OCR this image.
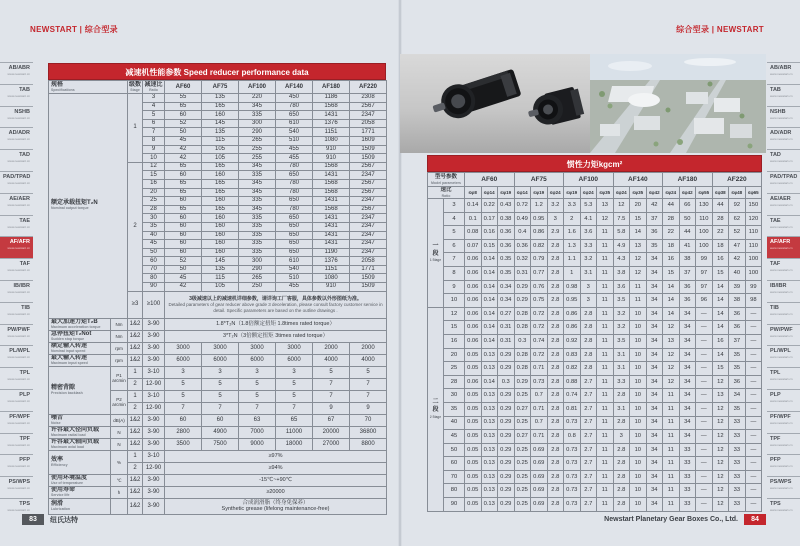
NEWSTART | 综合型录	综合型录 | NEWSTART
AB/ABR
www.newstart.cn
TAB
www.newstart.cn
NSHB
www.newstart.cn
AD/ADR
www.newstart.cn
TAD
www.newstart.cn
PAD/TPAD
www.newstart.cn
AE/AER
www.newstart.cn
TAE
www.newstart.cn
AF/AFR
www.newstart.cn
TAF
www.newstart.cn
IB/IBR
www.newstart.cn
TIB
www.newstart.cn
PW/PWF
www.newstart.cn
PL/WPL
www.newstart.cn
TPL
www.newstart.cn
PLP
www.newstart.cn
PF/WPF
www.newstart.cn
TPF
www.newstart.cn
PFP
www.newstart.cn
PS/WPS
www.newstart.cn
TPS
www.newstart.cn
AB/ABR
www.newstart.cn
TAB
www.newstart.cn
NSHB
www.newstart.cn
AD/ADR
www.newstart.cn
TAD
www.newstart.cn
PAD/TPAD
www.newstart.cn
AE/AER
www.newstart.cn
TAE
www.newstart.cn
AF/AFR
www.newstart.cn
TAF
www.newstart.cn
IB/IBR
www.newstart.cn
TIB
www.newstart.cn
PW/PWF
www.newstart.cn
PL/WPL
www.newstart.cn
TPL
www.newstart.cn
PLP
www.newstart.cn
PF/WPF
www.newstart.cn
TPF
www.newstart.cn
PFP
www.newstart.cn
PS/WPS
www.newstart.cn
TPS
www.newstart.cn
减速机性能参数 Speed reducer performance data
规格
Specifications		级数
Stage	减速比
Ratio	AF60	AF75	AF100	AF140	AF180	AF220

额定承载扭矩T₂N
Nominal output torque		1	3	55	135	220	450	1186	2308
			4	65	165	345	780	1568	2567
			5	60	160	335	650	1431	2347
			6	52	145	300	610	1376	2058
			7	50	135	290	540	1151	1771
			8	45	115	265	510	1080	1609
			9	42	105	255	455	910	1509
			10	42	105	255	455	910	1509
		2	12	65	165	345	780	1568	2567
			15	60	160	335	650	1431	2347
			16	65	165	345	780	1568	2567
			20	65	165	345	780	1568	2567
			25	60	160	335	650	1431	2347
			28	65	165	345	780	1568	2567
			30	60	160	335	650	1431	2347
			35	60	160	335	650	1431	2347
			40	60	160	335	650	1431	2347
			45	60	160	335	650	1431	2347
			50	60	160	335	650	1190	2347
			60	52	145	300	610	1376	2058
			70	50	135	290	540	1151	1771
			80	45	115	265	510	1080	1509
			90	42	105	250	455	910	1509
		≥3	≥100	3级减速以上的减速机详细参数，请详询工厂客服，具体参数以外形图纸为准。
Detailed parameters of gear reducer above grade 3 deceleration, please consult factory customer service in detail. Specific parameters are based on the outline drawings .					

最大加速力矩T₂B
Maximum acceleration torque	Nm	1&2	3-90	1.8*T₂N（1.8倍额定扭矩 1.8times rated torque）					

急停扭矩T₂Not
Sudden stop torque	Nm	1&2	3-90	3*T₂N（3倍额定扭矩 3times rated torque）					

额定输入转速
Nominal input speed	rpm	1&2	3-90	3000	3000	3000	3000	2000	2000

最大输入转速
Maximum input speed	rpm	1&2	3-90	6000	6000	6000	6000	4000	4000

精密背隙
Precision backlash	P1 arcmin	1	3-10	3	3	3	3	5	5
		2	12-90	5	5	5	5	7	7
	P2 arcmin	1	3-10	5	5	5	5	7	7
		2	12-90	7	7	7	7	9	9

噪音
Noise	dB(A)	1&2	3-90	60	60	63	65	67	70

许容最大径向负载
Maximum radial load	N	1&2	3-90	2800	4900	7000	11000	20000	36800

许容最大轴向负载
Maximum axial load	N	1&2	3-90	3500	7500	9000	18000	27000	8800

效率
Efficiency	%	1	3-10	≥97%					
		2	12-90	≥94%					

使用环境温度
Use of temperature	℃	1&2	3-90	-15℃~+90℃					

使用寿命
Service life	h	1&2	3-90	≥20000					

润滑
Lubrication		1&2	3-90	合成润滑脂（终身免保养）
Synthetic grease (lifelong maintenance-free)
惯性力矩kgcm²
型号参数
Model parameters		AF60			AF75			AF100			AF140			AF180			AF220		

速比
Ratio		≤φ8	≤φ14	≤φ19	≤φ14	≤φ19	≤φ24	≤φ19	≤φ24	≤φ35	≤φ24	≤φ35	≤φ42	≤φ24	≤φ42	≤φ55	≤φ38	≤φ48	≤φ65
一
段
1 Stage	3	0.14	0.22	0.43	0.72	1.2	3.2	3.3	5.3	13	12	20	42	44	66	130	44	92	150
	4	0.1	0.17	0.38	0.49	0.95	3	2	4.1	12	7.5	15	37	28	50	110	28	62	120
	5	0.08	0.16	0.36	0.4	0.86	2.9	1.6	3.6	11	5.8	14	36	22	44	100	22	52	110
	6	0.07	0.15	0.36	0.36	0.82	2.8	1.3	3.3	11	4.9	13	35	18	41	100	18	47	110
	7	0.06	0.14	0.35	0.32	0.79	2.8	1.1	3.2	11	4.3	12	34	16	38	99	16	42	100
	8	0.06	0.14	0.35	0.31	0.77	2.8	1	3.1	11	3.8	12	34	15	37	97	15	40	100
	9	0.06	0.14	0.34	0.29	0.76	2.8	0.98	3	11	3.6	11	34	14	36	97	14	39	99
	10	0.06	0.14	0.34	0.29	0.75	2.8	0.95	3	11	3.5	11	34	14	36	96	14	38	98
二
段
2 Stage	12	0.06	0.14	0.27	0.28	0.72	2.8	0.86	2.8	11	3.2	10	34	14	34	—	14	36	—
	15	0.06	0.14	0.31	0.28	0.72	2.8	0.86	2.8	11	3.2	10	34	12	34	—	14	36	—
	16	0.06	0.14	0.31	0.3	0.74	2.8	0.92	2.8	11	3.5	10	34	13	34	—	16	37	—
	20	0.05	0.13	0.29	0.28	0.72	2.8	0.83	2.8	11	3.1	10	34	12	34	—	14	35	—
	25	0.05	0.13	0.29	0.28	0.71	2.8	0.82	2.8	11	3.1	10	34	12	34	—	15	35	—
	28	0.06	0.14	0.3	0.29	0.73	2.8	0.88	2.7	11	3.3	10	34	12	34	—	12	36	—
	30	0.05	0.13	0.29	0.25	0.7	2.8	0.74	2.7	11	2.8	10	34	11	34	—	13	34	—
	35	0.05	0.13	0.29	0.27	0.71	2.8	0.81	2.7	11	3.1	10	34	11	34	—	12	35	—
	40	0.05	0.13	0.29	0.25	0.7	2.8	0.73	2.7	11	2.8	10	34	11	34	—	12	33	—
	45	0.05	0.13	0.29	0.27	0.71	2.8	0.8	2.7	11	3	10	34	11	34	—	12	33	—
	50	0.05	0.13	0.29	0.25	0.69	2.8	0.73	2.7	11	2.8	10	34	11	33	—	12	33	—
	60	0.05	0.13	0.29	0.25	0.69	2.8	0.73	2.7	11	2.8	10	34	11	33	—	12	33	—
	70	0.05	0.13	0.29	0.25	0.69	2.8	0.73	2.7	11	2.8	10	34	11	33	—	12	33	—
	80	0.05	0.13	0.29	0.25	0.69	2.8	0.73	2.7	11	2.8	10	34	11	33	—	12	33	—
	90	0.05	0.13	0.29	0.25	0.69	2.8	0.73	2.7	11	2.8	10	34	11	33	—	12	33	—
83	纽氏达特	Newstart Planetary Gear Boxes Co., Ltd.	84
